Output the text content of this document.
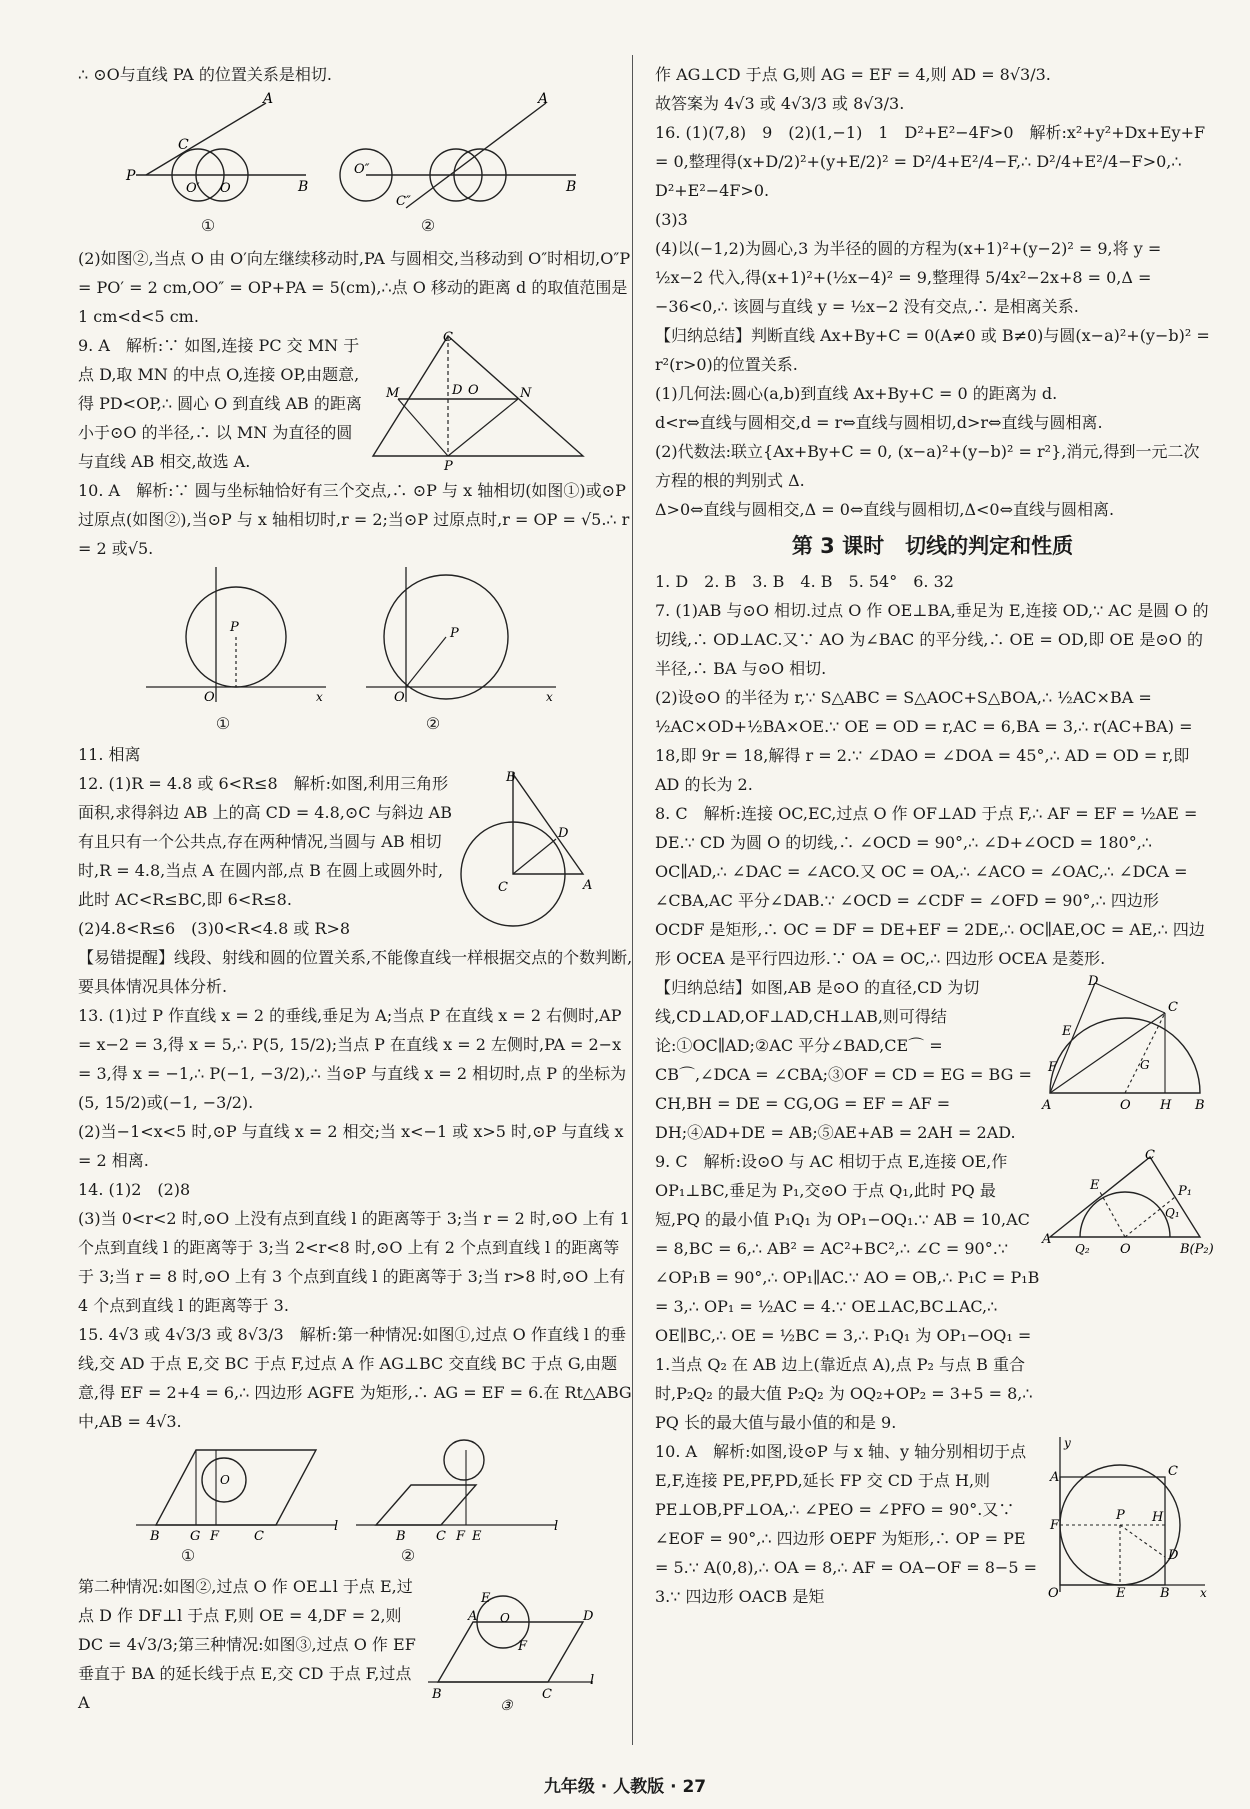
∴ ⊙O与直线 PA 的位置关系是相切.

P
A
B
C
O′ O
A
B
O″
C″
①	②

(2)如图②,当点 O 由 O′向左继续移动时,PA 与圆相交,当移动到 O″时相切,O″P = PO′ = 2 cm,OO″ = OP+PA = 5(cm),∴点 O 移动的距离 d 的取值范围是 1 cm<d<5 cm.

9. A　解析:∵ 如图,连接 PC 交 MN 于点 D,取 MN 的中点 O,连接 OP,由题意,得 PD<OP,∴ 圆心 O 到直线 AB 的距离小于⊙O 的半径,∴ 以 MN 为直径的圆与直线 AB 相交,故选 A.

C
M	N
D O
P

10. A　解析:∵ 圆与坐标轴恰好有三个交点,∴ ⊙P 与 x 轴相切(如图①)或⊙P 过原点(如图②),当⊙P 与 x 轴相切时,r = 2;当⊙P 过原点时,r = OP = √5.∴ r = 2 或√5.

P
O	x
P
O	x
①	②

11. 相离

12. (1)R = 4.8 或 6<R≤8　解析:如图,利用三角形面积,求得斜边 AB 上的高 CD = 4.8,⊙C 与斜边 AB 有且只有一个公共点,存在两种情况,当圆与 AB 相切时,R = 4.8,当点 A 在圆内部,点 B 在圆上或圆外时,此时 AC<R≤BC,即 6<R≤8.

B
D
C	A

(2)4.8<R≤6　(3)0<R<4.8 或 R>8

【易错提醒】线段、射线和圆的位置关系,不能像直线一样根据交点的个数判断,要具体情况具体分析.

13. (1)过 P 作直线 x = 2 的垂线,垂足为 A;当点 P 在直线 x = 2 右侧时,AP = x−2 = 3,得 x = 5,∴ P(5, 15/2);当点 P 在直线 x = 2 左侧时,PA = 2−x = 3,得 x = −1,∴ P(−1, −3/2),∴ 当⊙P 与直线 x = 2 相切时,点 P 的坐标为(5, 15/2)或(−1, −3/2).

(2)当−1<x<5 时,⊙P 与直线 x = 2 相交;当 x<−1 或 x>5 时,⊙P 与直线 x = 2 相离.

14. (1)2　(2)8

(3)当 0<r<2 时,⊙O 上没有点到直线 l 的距离等于 3;当 r = 2 时,⊙O 上有 1 个点到直线 l 的距离等于 3;当 2<r<8 时,⊙O 上有 2 个点到直线 l 的距离等于 3;当 r = 8 时,⊙O 上有 3 个点到直线 l 的距离等于 3;当 r>8 时,⊙O 上有 4 个点到直线 l 的距离等于 3.

15. 4√3 或 4√3/3 或 8√3/3　解析:第一种情况:如图①,过点 O 作直线 l 的垂线,交 AD 于点 E,交 BC 于点 F,过点 A 作 AG⊥BC 交直线 BC 于点 G,由题意,得 EF = 2+4 = 6,∴ 四边形 AGFE 为矩形,∴ AG = EF = 6.在 Rt△ABG 中,AB = 4√3.

B G F	C
l
O
B C F E
l
①	②

第二种情况:如图②,过点 O 作 OE⊥l 于点 E,过点 D 作 DF⊥l 于点 F,则 OE = 4,DF = 2,则 DC = 4√3/3;第三种情况:如图③,过点 O 作 EF 垂直于 BA 的延长线于点 E,交 CD 于点 F,过点 A

A
E
O
F
B	C
D
l
③

作 AG⊥CD 于点 G,则 AG = EF = 4,则 AD = 8√3/3.

故答案为 4√3 或 4√3/3 或 8√3/3.

16. (1)(7,8)　9　(2)(1,−1)　1　D²+E²−4F>0　解析:x²+y²+Dx+Ey+F = 0,整理得(x+D/2)²+(y+E/2)² = D²/4+E²/4−F,∴ D²/4+E²/4−F>0,∴ D²+E²−4F>0.

(3)3

(4)以(−1,2)为圆心,3 为半径的圆的方程为(x+1)²+(y−2)² = 9,将 y = ½x−2 代入,得(x+1)²+(½x−4)² = 9,整理得 5/4x²−2x+8 = 0,Δ = −36<0,∴ 该圆与直线 y = ½x−2 没有交点,∴ 是相离关系.

【归纳总结】判断直线 Ax+By+C = 0(A≠0 或 B≠0)与圆(x−a)²+(y−b)² = r²(r>0)的位置关系.

(1)几何法:圆心(a,b)到直线 Ax+By+C = 0 的距离为 d.

d<r⇔直线与圆相交,d = r⇔直线与圆相切,d>r⇔直线与圆相离.

(2)代数法:联立{Ax+By+C = 0, (x−a)²+(y−b)² = r²},消元,得到一元二次方程的根的判别式 Δ.

Δ>0⇔直线与圆相交,Δ = 0⇔直线与圆相切,Δ<0⇔直线与圆相离.

第 3 课时　切线的判定和性质

1. D　2. B　3. B　4. B　5. 54°　6. 32

7. (1)AB 与⊙O 相切.过点 O 作 OE⊥BA,垂足为 E,连接 OD,∵ AC 是圆 O 的切线,∴ OD⊥AC.又∵ AO 为∠BAC 的平分线,∴ OE = OD,即 OE 是⊙O 的半径,∴ BA 与⊙O 相切.

(2)设⊙O 的半径为 r,∵ S△ABC = S△AOC+S△BOA,∴ ½AC×BA = ½AC×OD+½BA×OE.∵ OE = OD = r,AC = 6,BA = 3,∴ r(AC+BA) = 18,即 9r = 18,解得 r = 2.∵ ∠DAO = ∠DOA = 45°,∴ AD = OD = r,即 AD 的长为 2.

8. C　解析:连接 OC,EC,过点 O 作 OF⊥AD 于点 F,∴ AF = EF = ½AE = DE.∵ CD 为圆 O 的切线,∴ ∠OCD = 90°,∴ ∠D+∠OCD = 180°,∴ OC∥AD,∴ ∠DAC = ∠ACO.又 OC = OA,∴ ∠ACO = ∠OAC,∴ ∠DCA = ∠CBA,AC 平分∠DAB.∵ ∠OCD = ∠CDF = ∠OFD = 90°,∴ 四边形 OCDF 是矩形,∴ OC = DF = DE+EF = 2DE,∴ OC∥AE,OC = AE,∴ 四边形 OCEA 是平行四边形.∵ OA = OC,∴ 四边形 OCEA 是菱形.

【归纳总结】如图,AB 是⊙O 的直径,CD 为切线,CD⊥AD,OF⊥AD,CH⊥AB,则可得结论:①OC∥AD;②AC 平分∠BAD,CE⌒ = CB⌒,∠DCA = ∠CBA;③OF = CD = EG = BG = CH,BH = DE = CG,OG = EF = AF = DH;④AD+DE = AB;⑤AE+AB = 2AH = 2AD.

D
C
E
F	G
A	O H B

9. C　解析:设⊙O 与 AC 相切于点 E,连接 OE,作 OP₁⊥BC,垂足为 P₁,交⊙O 于点 Q₁,此时 PQ 最短,PQ 的最小值 P₁Q₁ 为 OP₁−OQ₁.∵ AB = 10,AC = 8,BC = 6,∴ AB² = AC²+BC²,∴ ∠C = 90°.∵ ∠OP₁B = 90°,∴ OP₁∥AC.∵ AO = OB,∴ P₁C = P₁B = 3,∴ OP₁ = ½AC = 4.∵ OE⊥AC,BC⊥AC,∴ OE∥BC,∴ OE = ½BC = 3,∴ P₁Q₁ 为 OP₁−OQ₁ = 1.当点 Q₂ 在 AB 边上(靠近点 A),点 P₂ 与点 B 重合时,P₂Q₂ 的最大值 P₂Q₂ 为 OQ₂+OP₂ = 3+5 = 8,∴ PQ 长的最大值与最小值的和是 9.

C
E	P₁
Q₁
A
Q₂ O	B(P₂)

10. A　解析:如图,设⊙P 与 x 轴、y 轴分别相切于点 E,F,连接 PE,PF,PD,延长 FP 交 CD 于点 H,则 PE⊥OB,PF⊥OA,∴ ∠PEO = ∠PFO = 90°.又∵ ∠EOF = 90°,∴ 四边形 OEPF 为矩形,∴ OP = PE = 5.∵ A(0,8),∴ OA = 8,∴ AF = OA−OF = 8−5 = 3.∵ 四边形 OACB 是矩

A	C
F
P H
D
O	E	B	x
y
九年级 · 人教版 · 27
